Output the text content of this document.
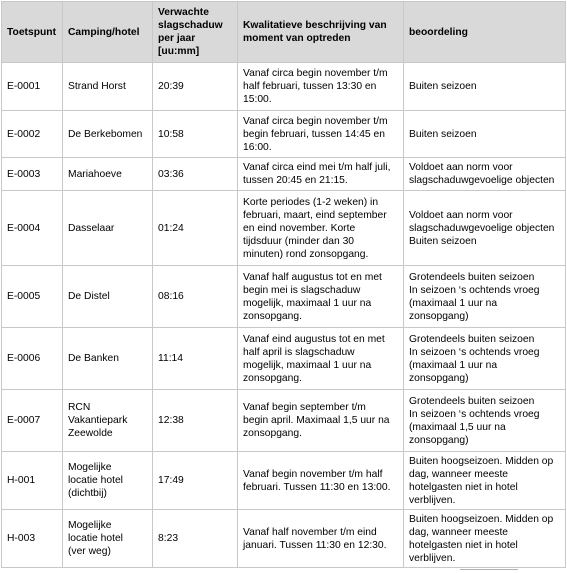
Toetspunt	Camping/hotel	Verwachte
slagschaduw
per jaar
[uu:mm]	Kwalitatieve beschrijving van
moment van optreden	beoordeling
E-0001	Strand Horst	20:39	Vanaf circa begin november t/m
half februari, tussen 13:30 en
15:00.	Buiten seizoen
E-0002	De Berkebomen	10:58	Vanaf circa begin november t/m
begin februari, tussen 14:45 en
16:00.	Buiten seizoen
E-0003	Mariahoeve	03:36	Vanaf circa eind mei t/m half juli,
tussen 20:45 en 21:15.	Voldoet aan norm voor
slagschaduwgevoelige objecten
E-0004	Dasselaar	01:24	Korte periodes (1-2 weken) in
februari, maart, eind september
en eind november. Korte
tijdsduur (minder dan 30
minuten) rond zonsopgang.	Voldoet aan norm voor
slagschaduwgevoelige objecten
Buiten seizoen
E-0005	De Distel	08:16	Vanaf half augustus tot en met
begin mei is slagschaduw
mogelijk, maximaal 1 uur na
zonsopgang.	Grotendeels buiten seizoen
In seizoen ‘s ochtends vroeg
(maximaal 1 uur na
zonsopgang)
E-0006	De Banken	11:14	Vanaf eind augustus tot en met
half april is slagschaduw
mogelijk, maximaal 1 uur na
zonsopgang.	Grotendeels buiten seizoen
In seizoen ‘s ochtends vroeg
(maximaal 1 uur na
zonsopgang)
E-0007	RCN
Vakantiepark
Zeewolde	12:38	Vanaf begin september t/m
begin april. Maximaal 1,5 uur na
zonsopgang.	Grotendeels buiten seizoen
In seizoen ‘s ochtends vroeg
(maximaal 1,5 uur na
zonsopgang)
H-001	Mogelijke
locatie hotel
(dichtbij)	17:49	Vanaf begin november t/m half
februari. Tussen 11:30 en 13:00.	Buiten hoogseizoen. Midden op
dag, wanneer meeste
hotelgasten niet in hotel
verblijven.
H-003	Mogelijke
locatie hotel
(ver weg)	8:23	Vanaf half november t/m eind
januari. Tussen 11:30 en 12:30.	Buiten hoogseizoen. Midden op
dag, wanneer meeste
hotelgasten niet in hotel
verblijven.
